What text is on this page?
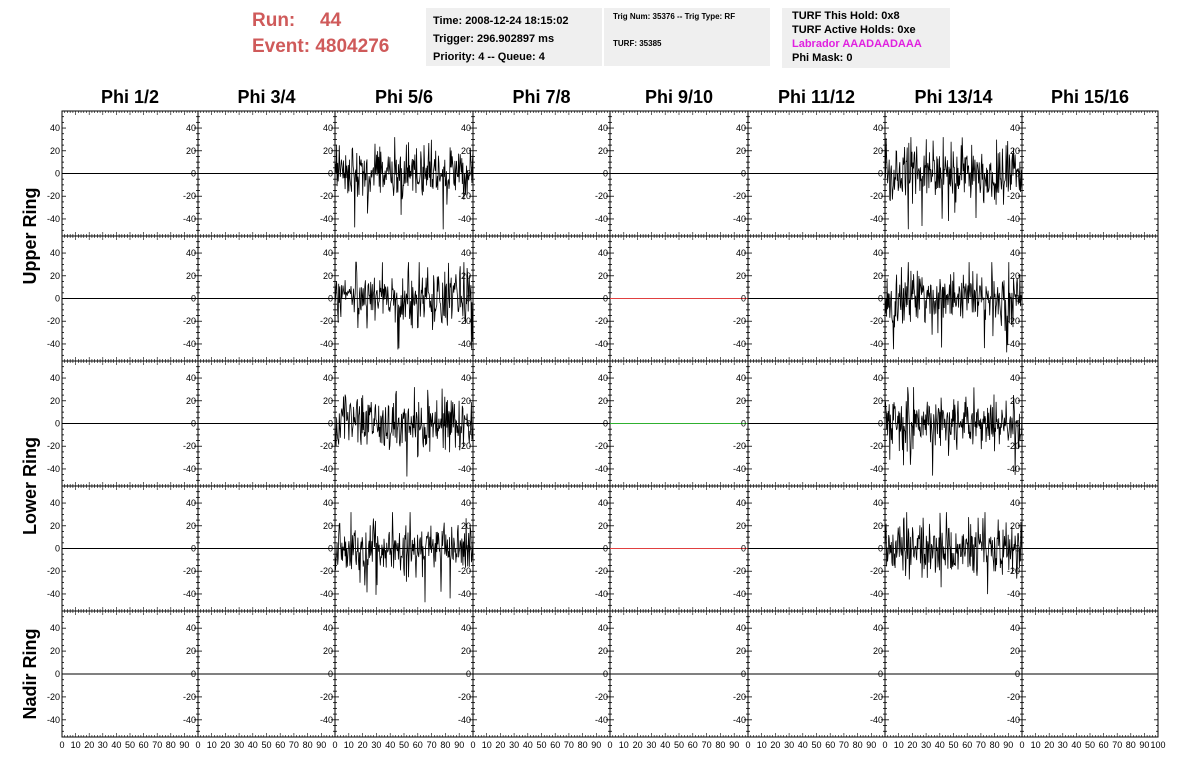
Run: 44
Event: 4804276
Time: 2008-12-24 18:15:02
Trigger: 296.902897 ms
Priority: 4 -- Queue: 4
Trig Num: 35376 -- Trig Type: RF
TURF: 35385
TURF This Hold: 0x8
TURF Active Holds: 0xe
Labrador AAADAADAAA
Phi Mask: 0
Phi 1/2	Phi 3/4	Phi 5/6	Phi 7/8	Phi 9/10	Phi 11/12	Phi 13/14	Phi 15/16
Upper Ring
Lower Ring
Nadir Ring
40
20
0
-20
-40
40
20
0
-20
-40
40
20
0
-20
-40
40
20
0
-20
-40
40
20
0
-20
-40
40
20
0
-20
-40
40
20
0
-20
-40
40
20
0
-20
-40
40
20
0
-20
-40
40
20
0
-20
-40
40
20
0
-20
-40
40
20
0
-20
-40
40
20
0
-20
-40
40
20
0
-20
-40
40
20
0
-20
-40
40
20
0
-20
-40
40
20
0
-20
-40
40
20
0
-20
-40
40
20
0
-20
-40
40
20
0
-20
-40
40
20
0
-20
-40
40
20
0
-20
-40
40
20
0
-20
-40
40
20
0
-20
-40
40
20
0
-20
-40
40
20
0
-20
-40
40
20
0
-20
-40
40
20
0
-20
-40
40
20
0
-20
-40
40
20
0
-20
-40
40
20
0
-20
-40
40
20
0
-20
-40
40
20
0
-20
-40
40
20
0
-20
-40
40
20
0
-20
-40
40
20
0
-20
-40
40
20
0
-20
-40
40
20
0
-20
-40
40
20
0
-20
-40
40
20
0
-20
-40
0 10 20 30 40 50 60 70 80 90 0 10 20 30 40 50 60 70 80 90 0 10 20 30 40 50 60 70 80 90 0 10 20 30 40 50 60 70 80 90 0 10 20 30 40 50 60 70 80 90 0 10 20 30 40 50 60 70 80 90 0 10 20 30 40 50 60 70 80 90 0 10 20 30 40 50 60 70 80 90 100
